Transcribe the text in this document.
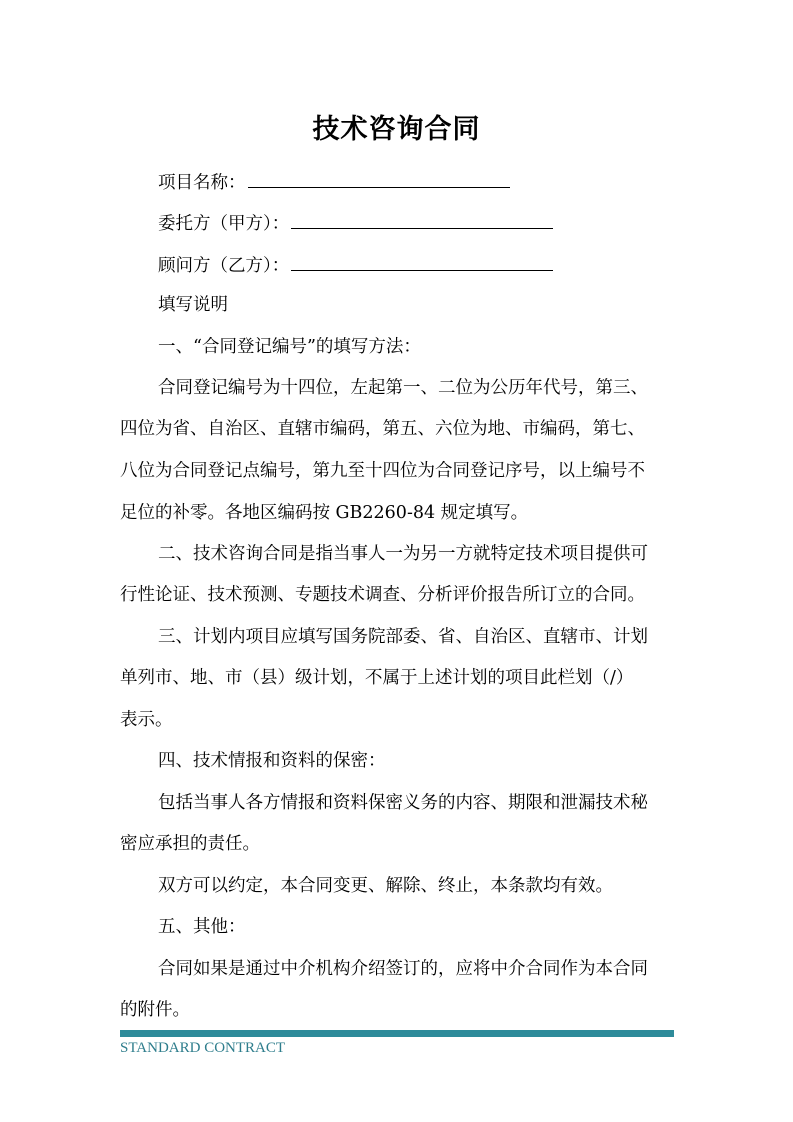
技术咨询合同
项目名称：
委托方（甲方）：
顾问方（乙方）：
填写说明
一、“合同登记编号”的填写方法：
合同登记编号为十四位，左起第一、二位为公历年代号，第三、
四位为省、自治区、直辖市编码，第五、六位为地、市编码，第七、
八位为合同登记点编号，第九至十四位为合同登记序号，以上编号不
足位的补零。各地区编码按 GB2260-84 规定填写。
二、技术咨询合同是指当事人一为另一方就特定技术项目提供可
行性论证、技术预测、专题技术调查、分析评价报告所订立的合同。
三、计划内项目应填写国务院部委、省、自治区、直辖市、计划
单列市、地、市（县）级计划，不属于上述计划的项目此栏划（/）
表示。
四、技术情报和资料的保密：
包括当事人各方情报和资料保密义务的内容、期限和泄漏技术秘
密应承担的责任。
双方可以约定，本合同变更、解除、终止，本条款均有效。
五、其他：
合同如果是通过中介机构介绍签订的，应将中介合同作为本合同
的附件。
STANDARD CONTRACT
